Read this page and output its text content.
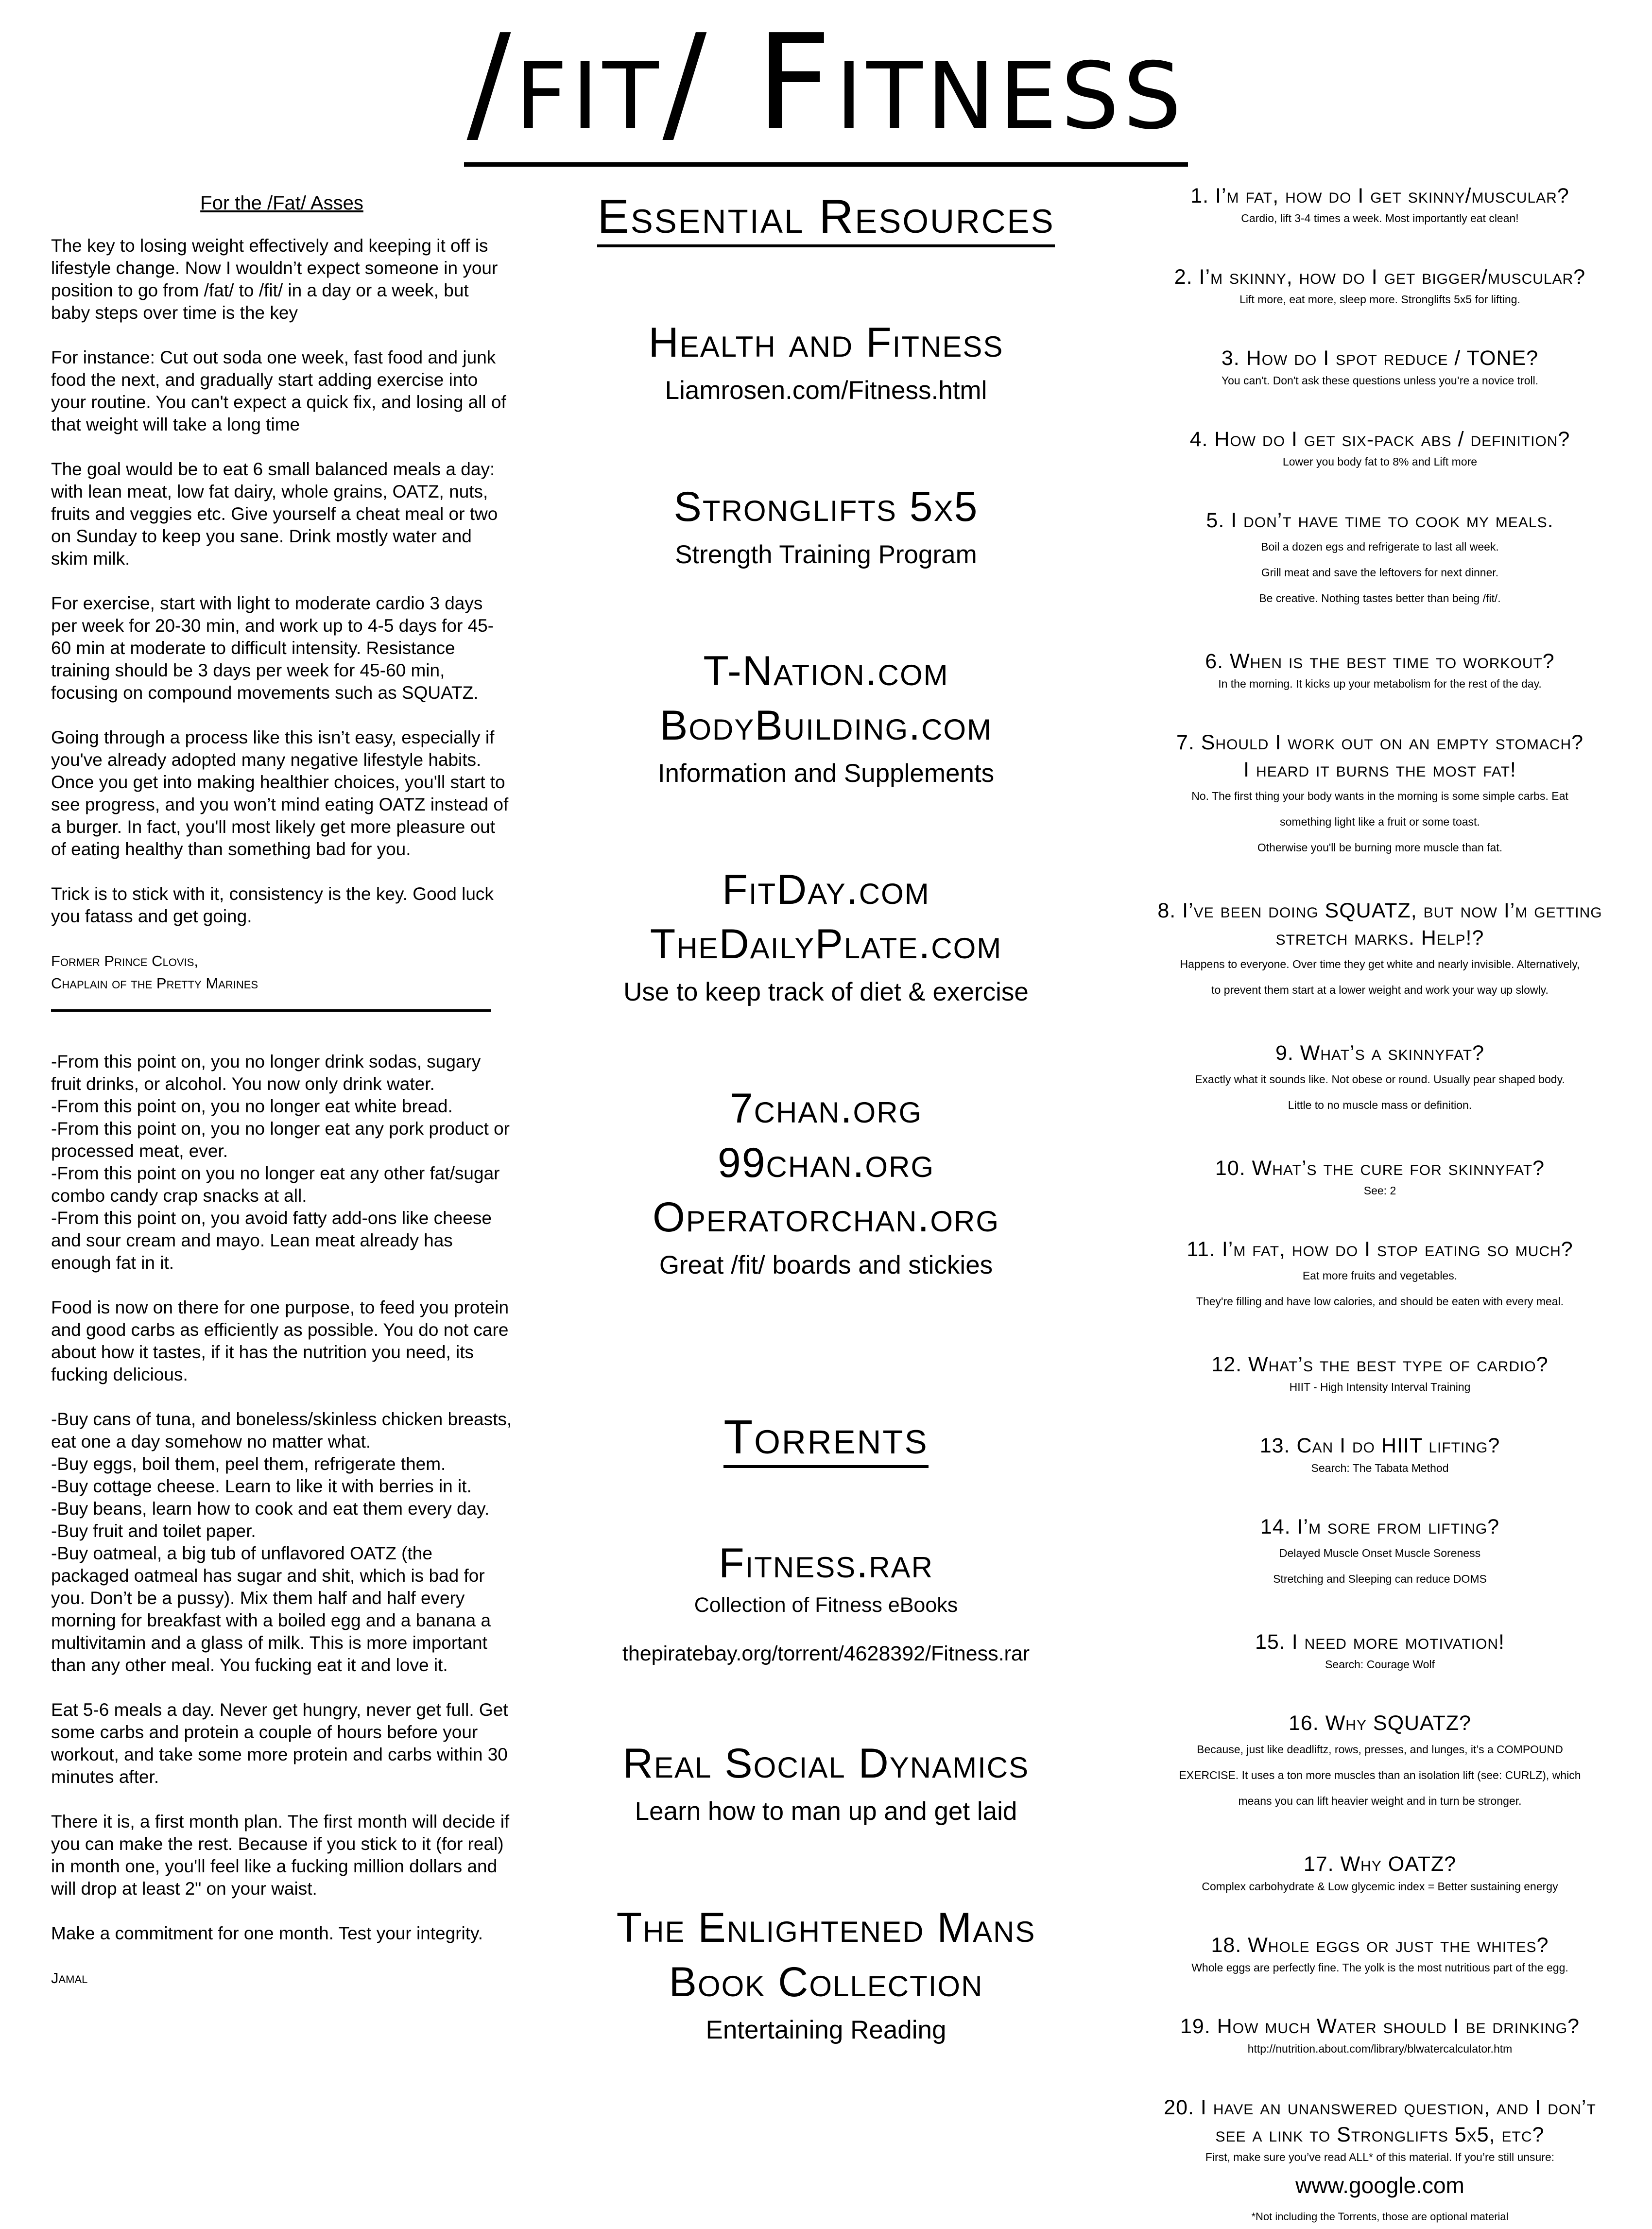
/fit/ Fitness
For the /Fat/ Asses

The key to losing weight effectively and keeping it off is lifestyle change. Now I wouldn’t expect someone in your position to go from /fat/ to /fit/ in a day or a week, but baby steps over time is the key

For instance: Cut out soda one week, fast food and junk food the next, and gradually start adding exercise into your routine. You can't expect a quick fix, and losing all of that weight will take a long time

The goal would be to eat 6 small balanced meals a day: with lean meat, low fat dairy, whole grains, OATZ, nuts, fruits and veggies etc. Give yourself a cheat meal or two on Sunday to keep you sane. Drink mostly water and skim milk.

For exercise, start with light to moderate cardio 3 days per week for 20-30 min, and work up to 4-5 days for 45-60 min at moderate to difficult intensity. Resistance training should be 3 days per week for 45-60 min, focusing on compound movements such as SQUATZ.

Going through a process like this isn’t easy, especially if you've already adopted many negative lifestyle habits. Once you get into making healthier choices, you'll start to see progress, and you won’t mind eating OATZ instead of a burger. In fact, you'll most likely get more pleasure out of eating healthy than something bad for you.

Trick is to stick with it, consistency is the key. Good luck you fatass and get going.

Former Prince Clovis,
Chaplain of the Pretty Marines

-From this point on, you no longer drink sodas, sugary fruit drinks, or alcohol. You now only drink water.
-From this point on, you no longer eat white bread.
-From this point on, you no longer eat any pork product or processed meat, ever.
-From this point on you no longer eat any other fat/sugar combo candy crap snacks at all.
-From this point on, you avoid fatty add-ons like cheese and sour cream and mayo. Lean meat already has enough fat in it.

Food is now on there for one purpose, to feed you protein and good carbs as efficiently as possible. You do not care about how it tastes, if it has the nutrition you need, its fucking delicious.

-Buy cans of tuna, and boneless/skinless chicken breasts, eat one a day somehow no matter what.
-Buy eggs, boil them, peel them, refrigerate them.
-Buy cottage cheese. Learn to like it with berries in it.
-Buy beans, learn how to cook and eat them every day.
-Buy fruit and toilet paper.
-Buy oatmeal, a big tub of unflavored OATZ (the packaged oatmeal has sugar and shit, which is bad for you. Don’t be a pussy). Mix them half and half every morning for breakfast with a boiled egg and a banana a multivitamin and a glass of milk. This is more important than any other meal. You fucking eat it and love it.

Eat 5-6 meals a day. Never get hungry, never get full. Get some carbs and protein a couple of hours before your workout, and take some more protein and carbs within 30 minutes after.

There it is, a first month plan. The first month will decide if you can make the rest. Because if you stick to it (for real) in month one, you'll feel like a fucking million dollars and will drop at least 2" on your waist.

Make a commitment for one month. Test your integrity.

Jamal
Essential Resources
Health and Fitness
Liamrosen.com/Fitness.html
Stronglifts 5x5
Strength Training Program
T-Nation.com
BodyBuilding.com
Information and Supplements
FitDay.com
TheDailyPlate.com
Use to keep track of diet & exercise
7chan.org
99chan.org
Operatorchan.org
Great /fit/ boards and stickies
Torrents
Fitness.rar
Collection of Fitness eBooks
thepiratebay.org/torrent/4628392/Fitness.rar
Real Social Dynamics
Learn how to man up and get laid
The Enlightened Mans
Book Collection
Entertaining Reading
1. I’m fat, how do I get skinny/muscular?
Cardio, lift 3-4 times a week. Most importantly eat clean!
2. I’m skinny, how do I get bigger/muscular?
Lift more, eat more, sleep more. Stronglifts 5x5 for lifting.
3. How do I spot reduce / TONE?
You can't. Don't ask these questions unless you’re a novice troll.
4. How do I get six-pack abs / definition?
Lower you body fat to 8% and Lift more
5. I don’t have time to cook my meals.
Boil a dozen egs and refrigerate to last all week.
Grill meat and save the leftovers for next dinner.
Be creative. Nothing tastes better than being /fit/.
6. When is the best time to workout?
In the morning. It kicks up your metabolism for the rest of the day.
7. Should I work out on an empty stomach?
I heard it burns the most fat!
No. The first thing your body wants in the morning is some simple carbs. Eat
something light like a fruit or some toast.
Otherwise you'll be burning more muscle than fat.
8. I’ve been doing SQUATZ, but now I’m getting
stretch marks. Help!?
Happens to everyone. Over time they get white and nearly invisible. Alternatively,
to prevent them start at a lower weight and work your way up slowly.
9. What’s a skinnyfat?
Exactly what it sounds like. Not obese or round. Usually pear shaped body.
Little to no muscle mass or definition.
10. What’s the cure for skinnyfat?
See: 2
11. I’m fat, how do I stop eating so much?
Eat more fruits and vegetables.
They're filling and have low calories, and should be eaten with every meal.
12. What’s the best type of cardio?
HIIT - High Intensity Interval Training
13. Can I do HIIT lifting?
Search: The Tabata Method
14. I’m sore from lifting?
Delayed Muscle Onset Muscle Soreness
Stretching and Sleeping can reduce DOMS
15. I need more motivation!
Search: Courage Wolf
16. Why SQUATZ?
Because, just like deadliftz, rows, presses, and lunges, it’s a COMPOUND
EXERCISE. It uses a ton more muscles than an isolation lift (see: CURLZ), which
means you can lift heavier weight and in turn be stronger.
17. Why OATZ?
Complex carbohydrate & Low glycemic index = Better sustaining energy
18. Whole eggs or just the whites?
Whole eggs are perfectly fine. The yolk is the most nutritious part of the egg.
19. How much Water should I be drinking?
http://nutrition.about.com/library/blwatercalculator.htm
20. I have an unanswered question, and I don’t
see a link to Stronglifts 5x5, etc?
First, make sure you’ve read ALL* of this material. If you’re still unsure:
www.google.com
*Not including the Torrents, those are optional material
